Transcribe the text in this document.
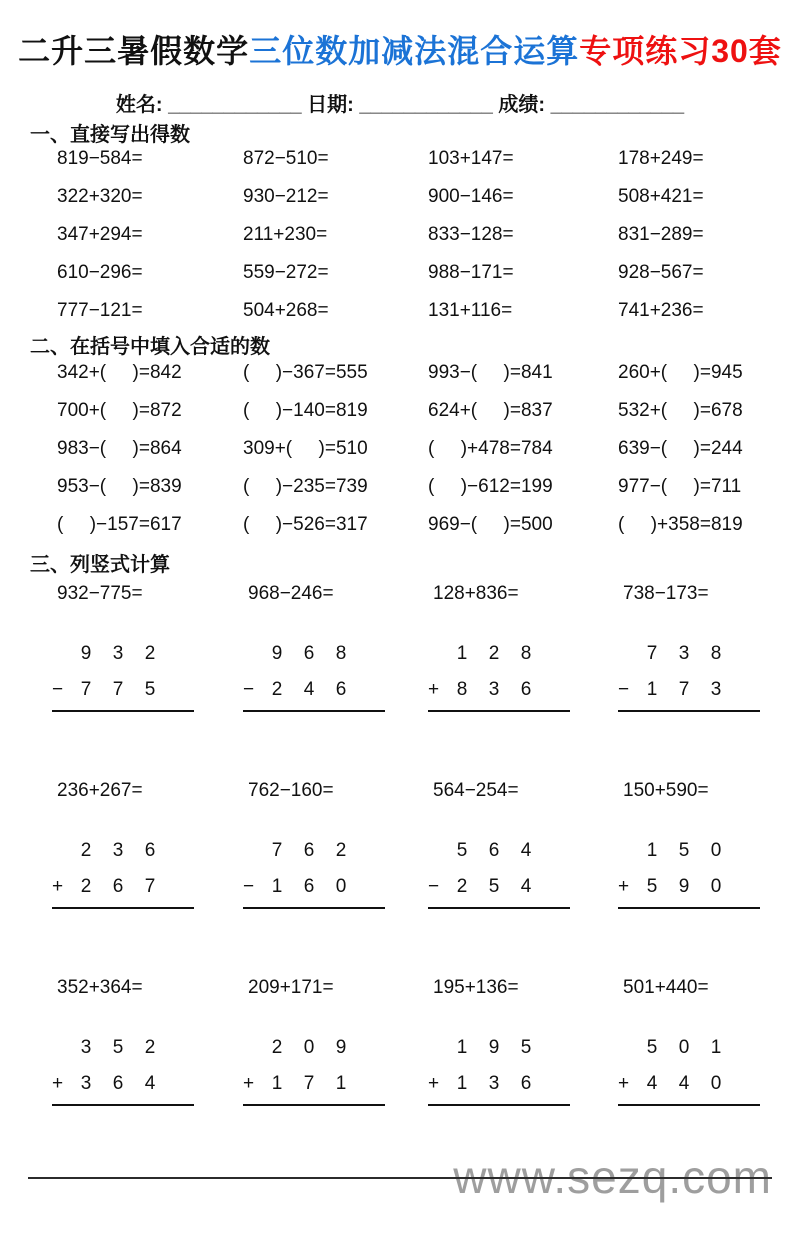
二升三暑假数学三位数加减法混合运算专项练习30套
姓名: ____________ 日期: ____________ 成绩: ____________
一、直接写出得数
819−584=	872−510=	103+147=	178+249=
322+320=	930−212=	900−146=	508+421=
347+294=	211+230=	833−128=	831−289=
610−296=	559−272=	988−171=	928−567=
777−121=	504+268=	131+116=	741+236=
二、在括号中填入合适的数
342+(     )=842	(     )−367=555	993−(     )=841	260+(     )=945
700+(     )=872	(     )−140=819	624+(     )=837	532+(     )=678
983−(     )=864	309+(     )=510	(     )+478=784	639−(     )=244
953−(     )=839	(     )−235=739	(     )−612=199	977−(     )=711
(     )−157=617	(     )−526=317	969−(     )=500	(     )+358=819
三、列竖式计算
932−775=
9	3	2
− 7	7	5
968−246=
9	6	8
− 2	4	6
128+836=
1	2	8
+ 8	3	6
738−173=
7	3	8
− 1	7	3
236+267=
2	3	6
+ 2	6	7
762−160=
7	6	2
− 1	6	0
564−254=
5	6	4
− 2	5	4
150+590=
1	5	0
+ 5	9	0
352+364=
3	5	2
+ 3	6	4
209+171=
2	0	9
+ 1	7	1
195+136=
1	9	5
+ 1	3	6
501+440=
5	0	1
+ 4	4	0
www.sezq.com
